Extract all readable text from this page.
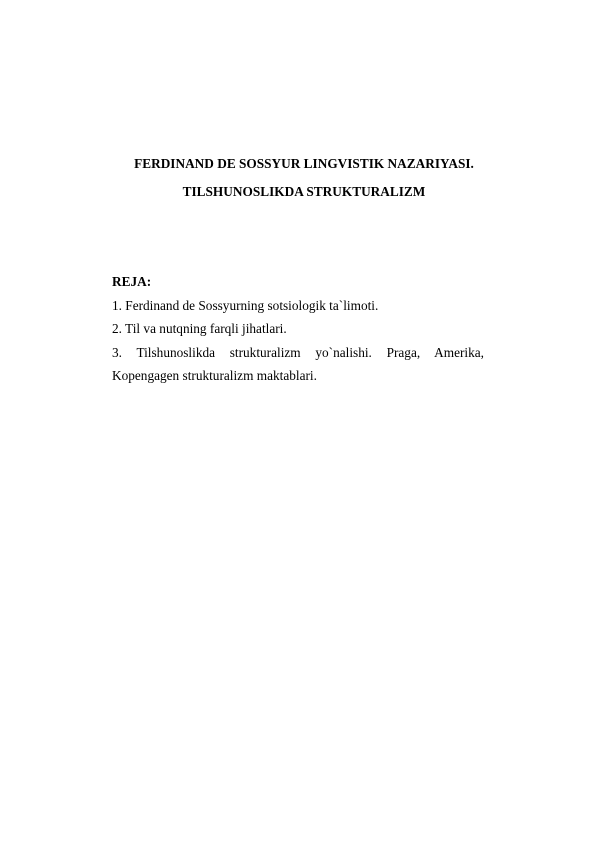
FERDINAND DE SOSSYUR LINGVISTIK NAZARIYASI.
TILSHUNOSLIKDA STRUKTURALIZM
REJA:
1. Ferdinand de Sossyurning sotsiologik ta`limoti.
2. Til va nutqning farqli jihatlari.
3. Tilshunoslikda strukturalizm yo`nalishi. Praga, Amerika, Kopengagen strukturalizm maktablari.
